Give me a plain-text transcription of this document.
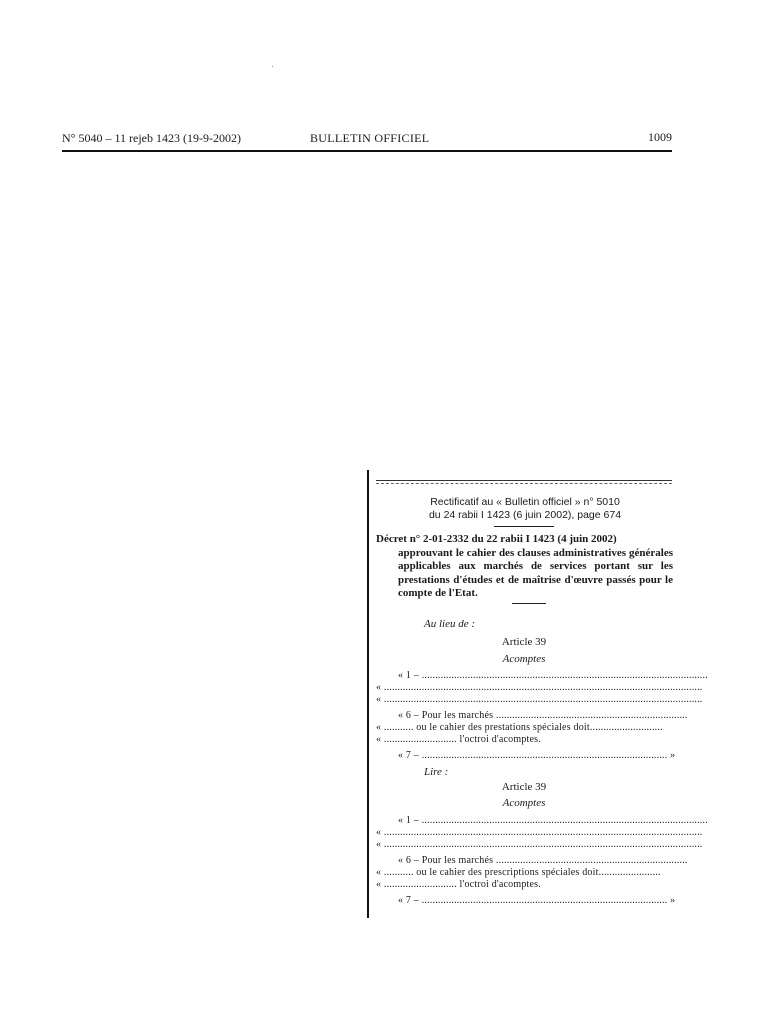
N° 5040 – 11 rejeb 1423 (19-9-2002)	BULLETIN OFFICIEL	1009
Rectificatif au « Bulletin officiel » n° 5010
du 24 rabii I 1423 (6 juin 2002), page 674
Décret n° 2-01-2332 du 22 rabii I 1423 (4 juin 2002)
approuvant le cahier des clauses administratives générales applicables aux marchés de services portant sur les prestations d'études et de maîtrise d'œuvre passés pour le compte de l'Etat.
Au lieu de :
Article 39
Acomptes
« 1 – ..........................................................................................................
« ......................................................................................................................
« ......................................................................................................................
« 6 – Pour les marchés .......................................................................
« ........... ou le cahier des prestations spéciales doit...........................
« ........................... l'octroi d'acomptes.
« 7 – ........................................................................................... »
Lire :
Article 39
Acomptes
« 1 – ..........................................................................................................
« ......................................................................................................................
« ......................................................................................................................
« 6 – Pour les marchés .......................................................................
« ........... ou le cahier des prescriptions spéciales doit.......................
« ........................... l'octroi d'acomptes.
« 7 – ........................................................................................... »
